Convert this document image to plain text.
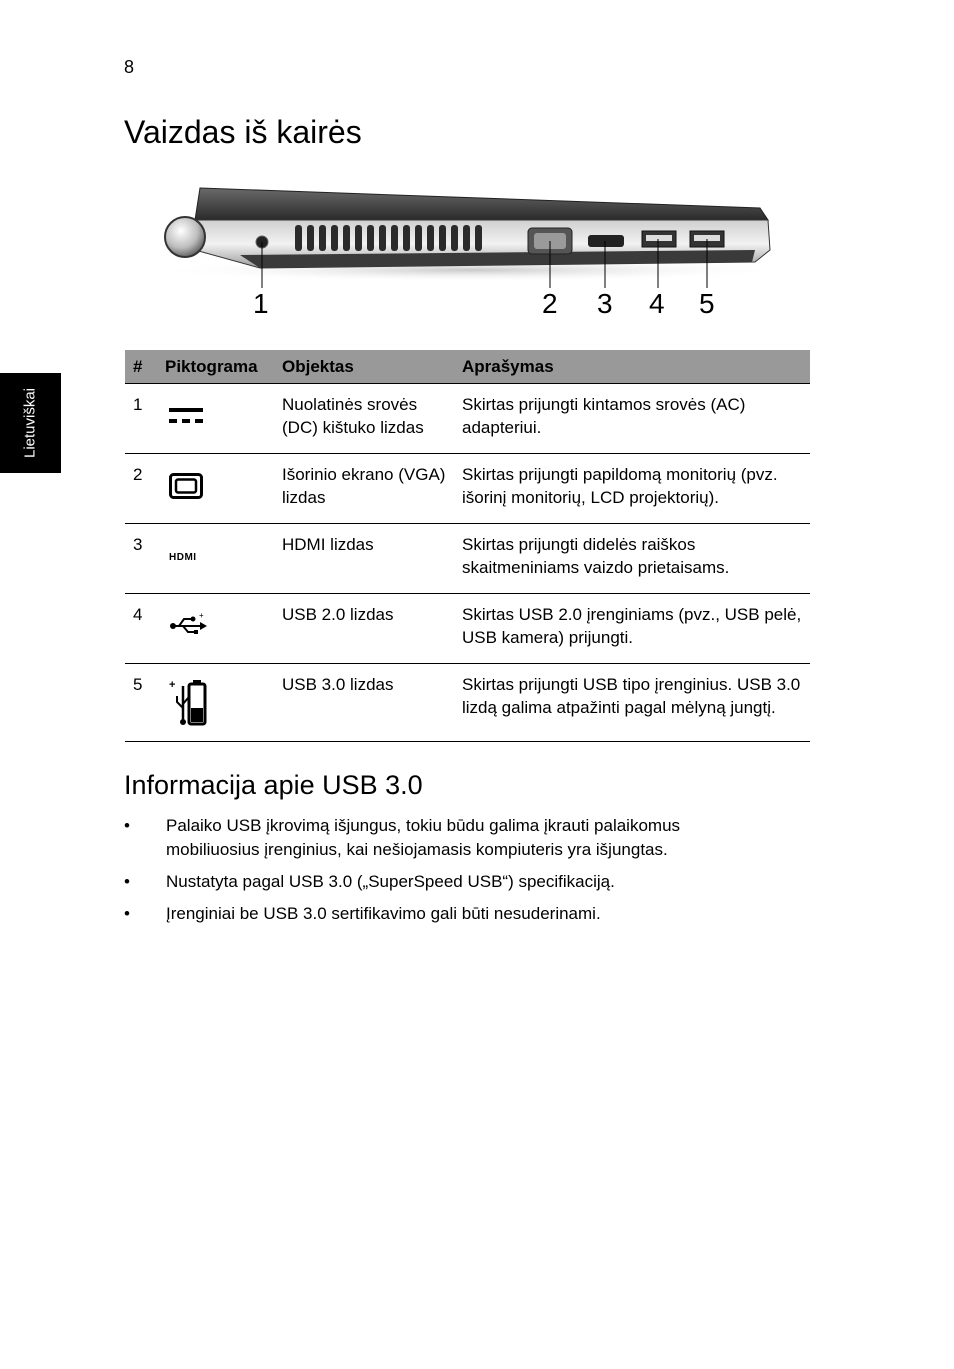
8
Lietuviškai
Vaizdas iš kairės
1	2 3 4 5
#	Piktograma	Objektas	Aprašymas
1		Nuolatinės srovės (DC) kištuko lizdas	Skirtas prijungti kintamos srovės (AC) adapteriui.
2		Išorinio ekrano (VGA) lizdas	Skirtas prijungti papildomą monitorių (pvz. išorinį monitorių, LCD projektorių).
3	HDMI	HDMI lizdas	Skirtas prijungti didelės raiškos skaitmeniniams vaizdo prietaisams.
4	+	USB 2.0 lizdas	Skirtas USB 2.0 įrenginiams (pvz., USB pelė, USB kamera) prijungti.
5	+	USB 3.0 lizdas	Skirtas prijungti USB tipo įrenginius. USB 3.0 lizdą galima atpažinti pagal mėlyną jungtį.
Informacija apie USB 3.0
• Palaiko USB įkrovimą išjungus, tokiu būdu galima įkrauti palaikomus mobiliuosius įrenginius, kai nešiojamasis kompiuteris yra išjungtas.
• Nustatyta pagal USB 3.0 („SuperSpeed USB“) specifikaciją.
• Įrenginiai be USB 3.0 sertifikavimo gali būti nesuderinami.
